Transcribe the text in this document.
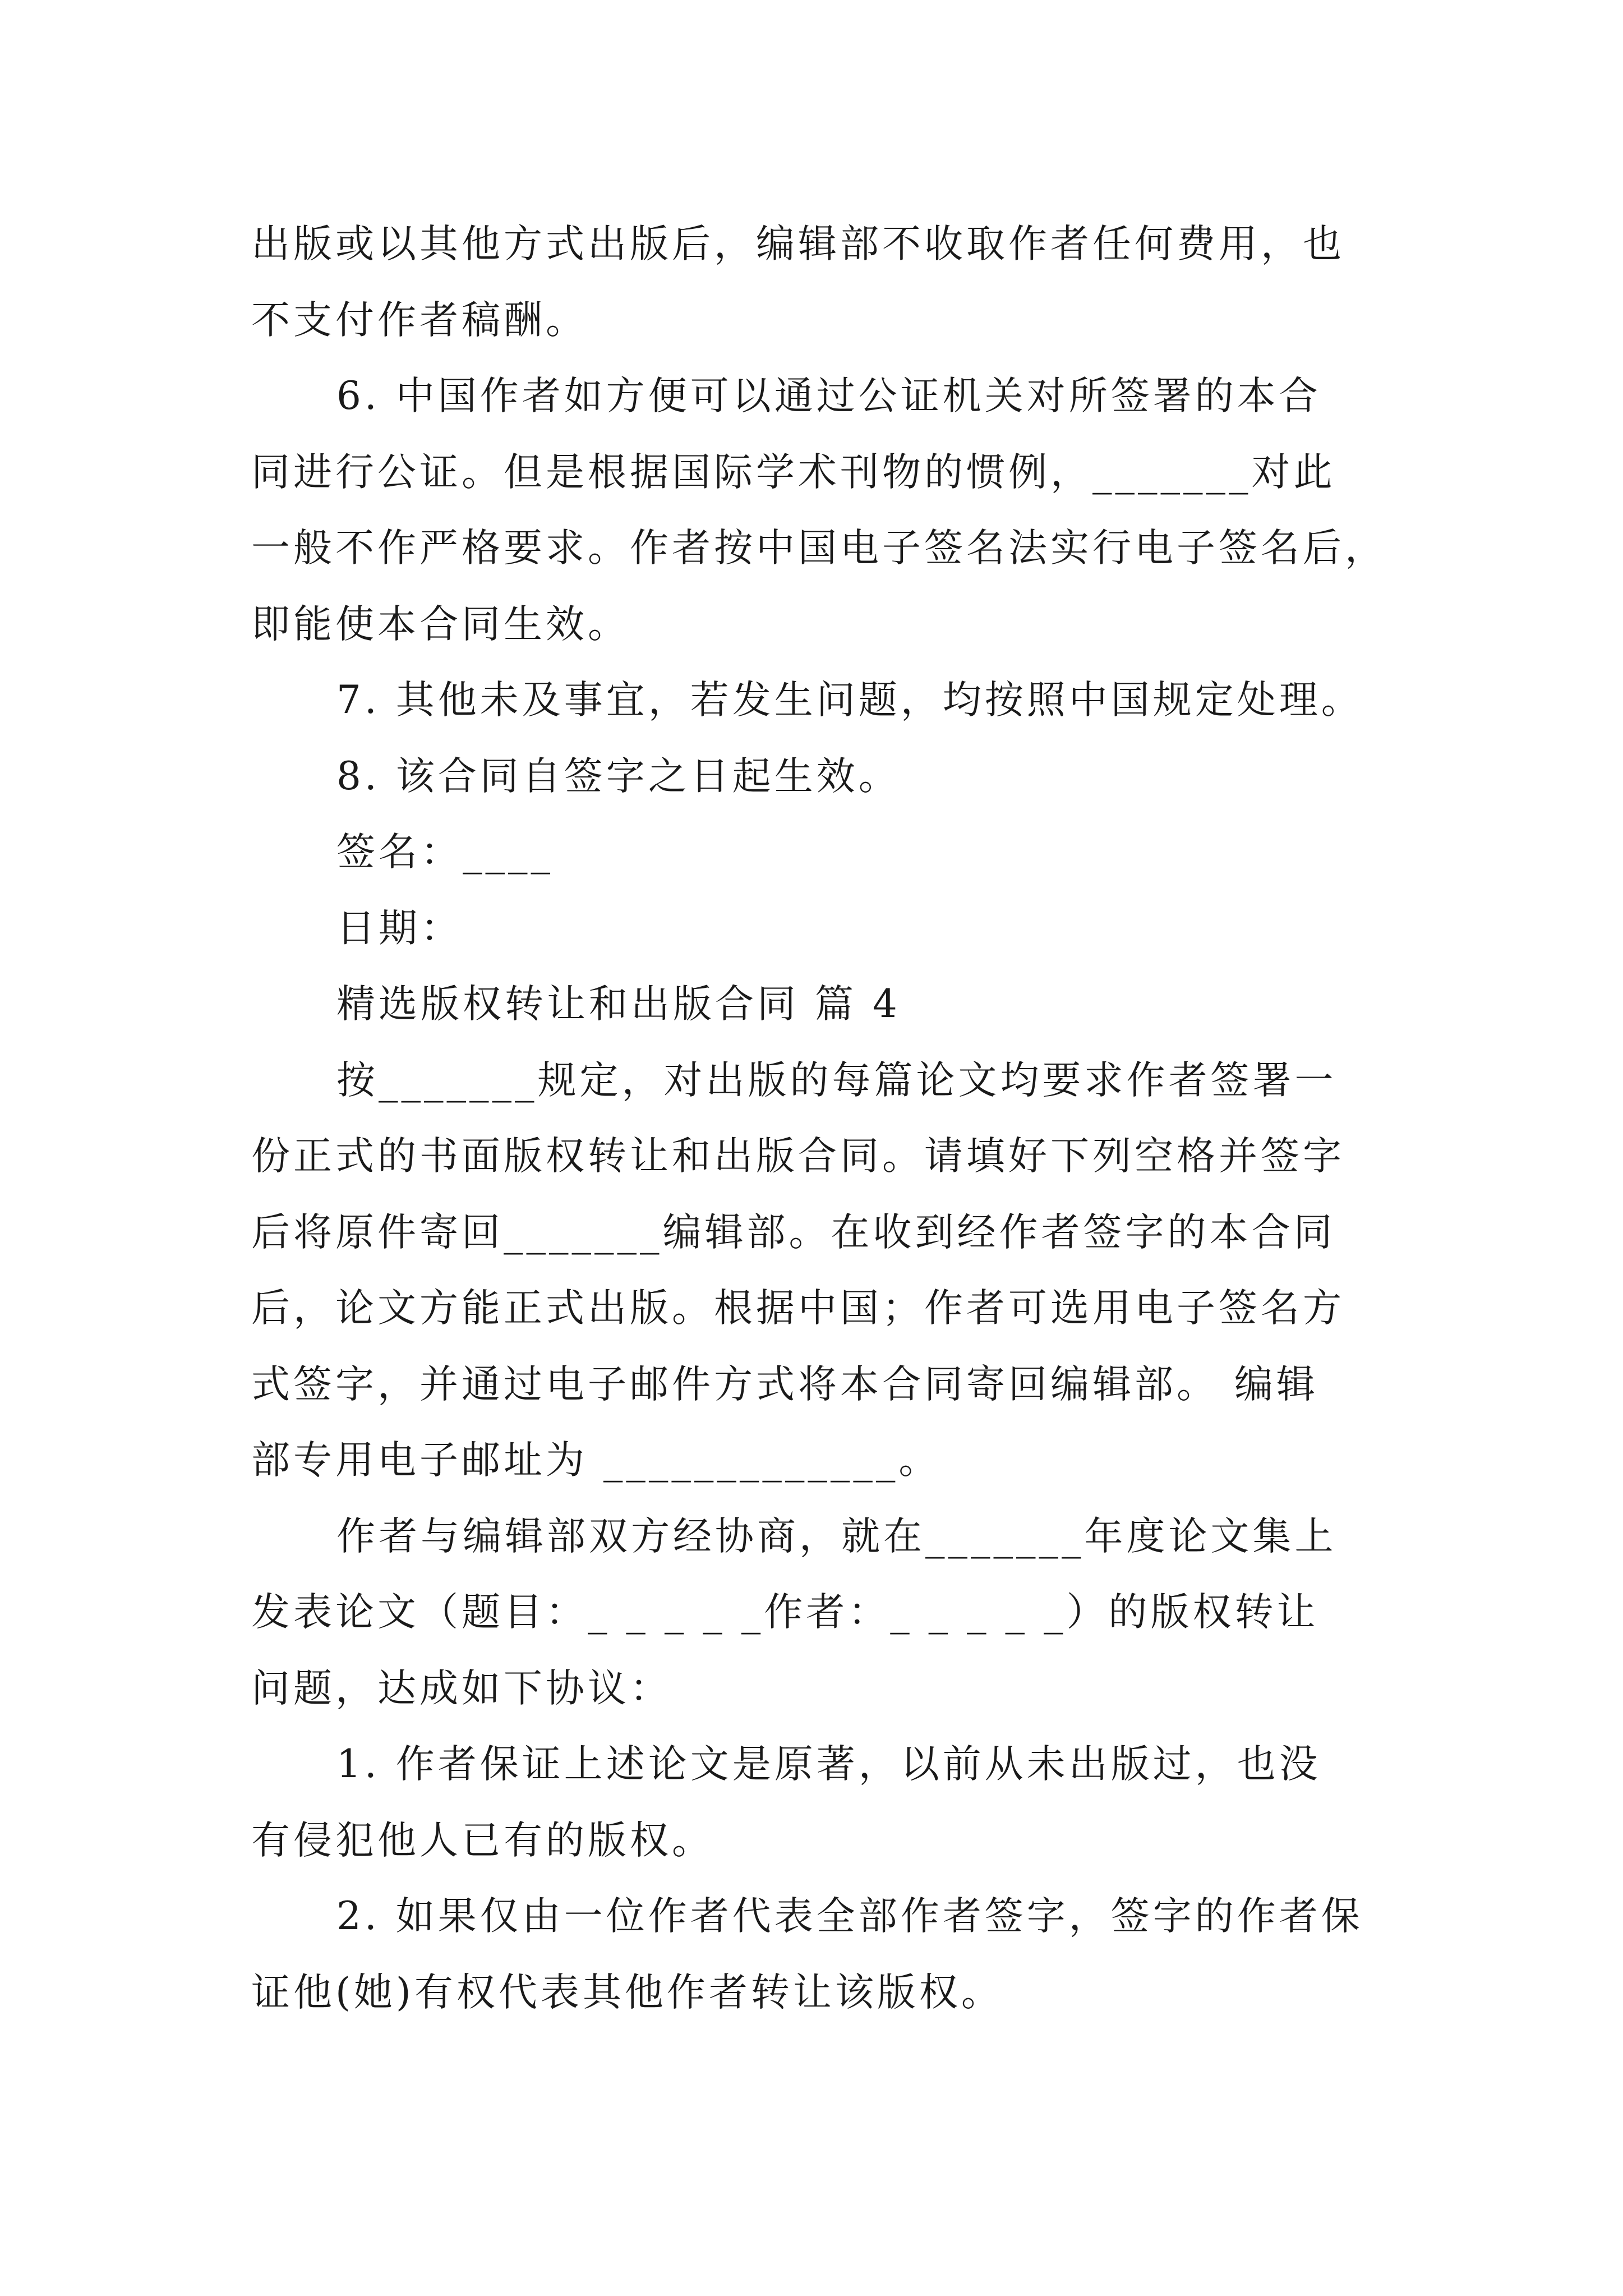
出版或以其他方式出版后，编辑部不收取作者任何费用，也
不支付作者稿酬。
6. 中国作者如方便可以通过公证机关对所签署的本合
同进行公证。但是根据国际学术刊物的惯例，_______对此
一般不作严格要求。作者按中国电子签名法实行电子签名后，
即能使本合同生效。
7. 其他未及事宜，若发生问题，均按照中国规定处理。
8. 该合同自签字之日起生效。
签名：____
日期：
精选版权转让和出版合同 篇 4
按_______规定，对出版的每篇论文均要求作者签署一
份正式的书面版权转让和出版合同。请填好下列空格并签字
后将原件寄回_______编辑部。在收到经作者签字的本合同
后，论文方能正式出版。根据中国；作者可选用电子签名方
式签字，并通过电子邮件方式将本合同寄回编辑部。 编辑
部专用电子邮址为 _____________。
作者与编辑部双方经协商，就在_______年度论文集上
发表论文（题目：_ _ _ _ _作者：_ _ _ _ _）的版权转让
问题，达成如下协议：
1. 作者保证上述论文是原著，以前从未出版过，也没
有侵犯他人已有的版权。
2. 如果仅由一位作者代表全部作者签字，签字的作者保
证他(她)有权代表其他作者转让该版权。
